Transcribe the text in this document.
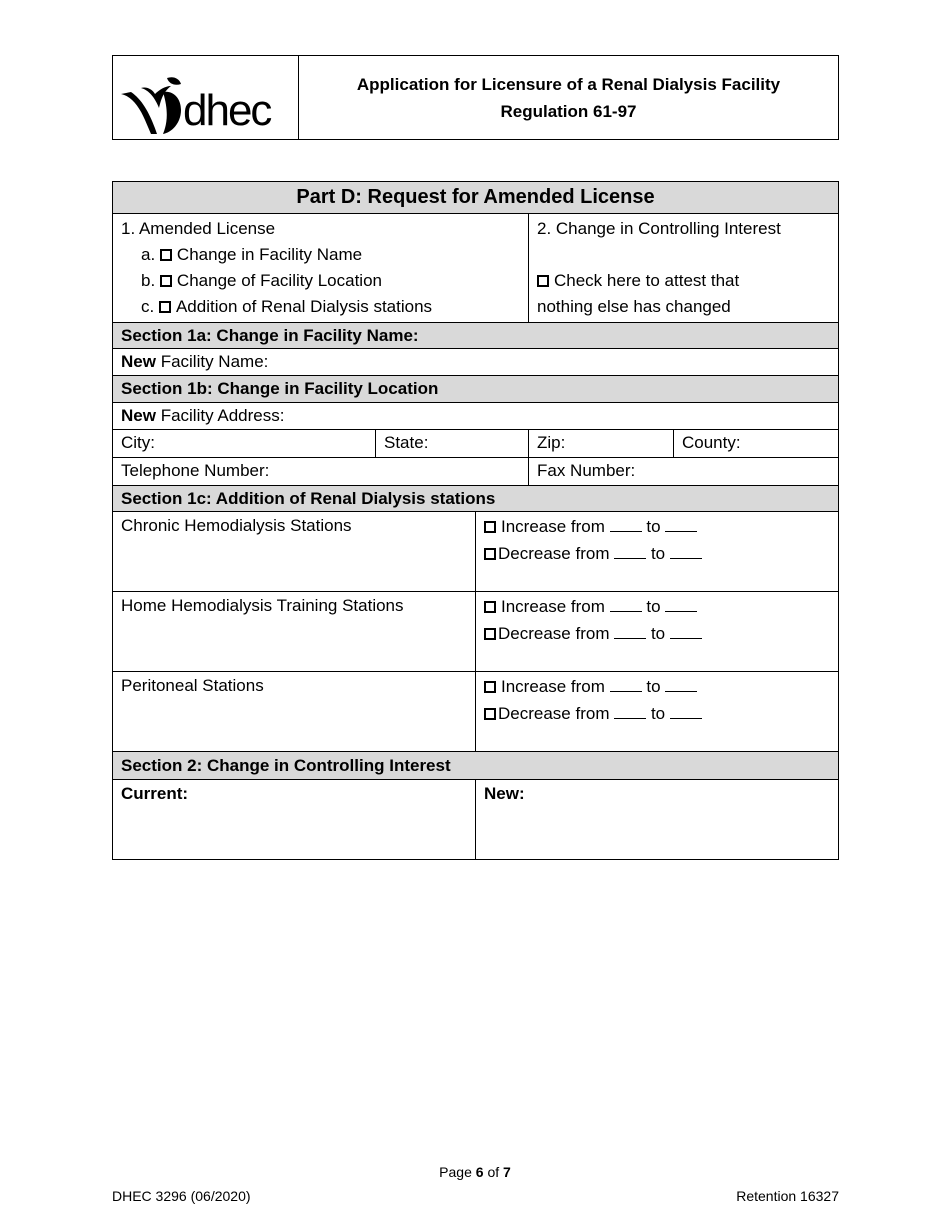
dhec
Application for Licensure of a Renal Dialysis Facility
Regulation 61-97
Part D: Request for Amended License
1. Amended License
a. Change in Facility Name
b. Change of Facility Location
c. Addition of Renal Dialysis stations
2. Change in Controlling Interest
Check here to attest that
nothing else has changed
Section 1a: Change in Facility Name:
New Facility Name:
Section 1b: Change in Facility Location
New Facility Address:
City:	State:	Zip:	County:
Telephone Number:	Fax Number:
Section 1c: Addition of Renal Dialysis stations
Chronic Hemodialysis Stations	Increase from to
Decrease from to
Home Hemodialysis Training Stations	Increase from to
Decrease from to
Peritoneal Stations	Increase from to
Decrease from to
Section 2: Change in Controlling Interest
Current:	New:
Page 6 of 7
DHEC 3296 (06/2020)	Retention 16327
